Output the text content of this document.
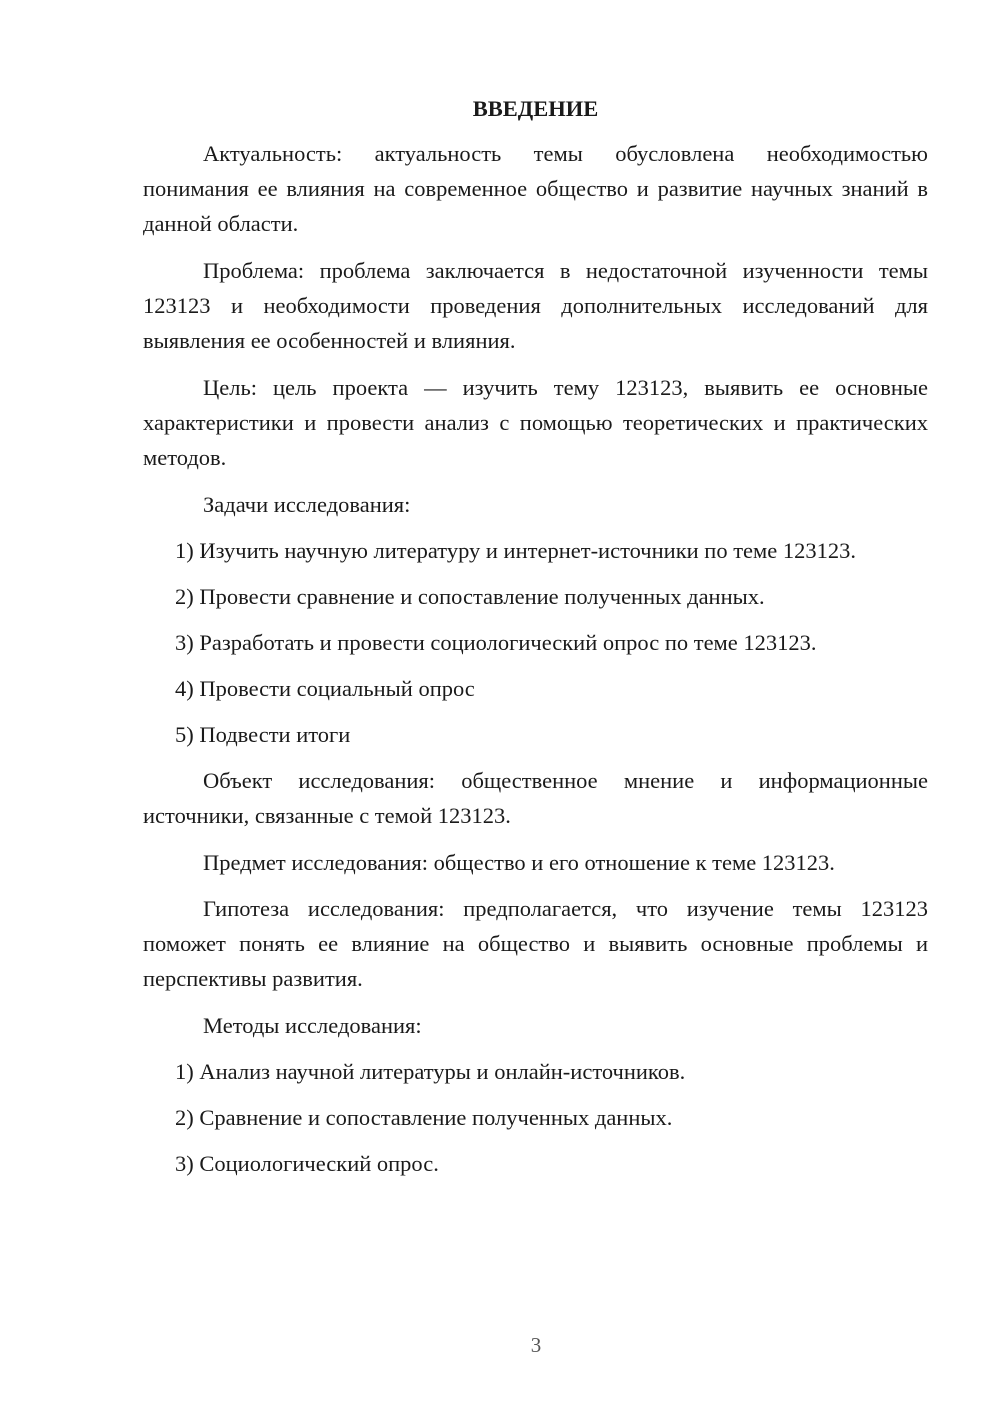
ВВЕДЕНИЕ

Актуальность: актуальность темы обусловлена необходимостью понимания ее влияния на современное общество и развитие научных знаний в данной области.

Проблема: проблема заключается в недостаточной изученности темы 123123 и необходимости проведения дополнительных исследований для выявления ее особенностей и влияния.

Цель: цель проекта — изучить тему 123123, выявить ее основные характеристики и провести анализ с помощью теоретических и практических методов.

Задачи исследования:

1) Изучить научную литературу и интернет-источники по теме 123123.

2) Провести сравнение и сопоставление полученных данных.

3) Разработать и провести социологический опрос по теме 123123.

4) Провести социальный опрос

5) Подвести итоги

Объект исследования: общественное мнение и информационные источники, связанные с темой 123123.

Предмет исследования: общество и его отношение к теме 123123.

Гипотеза исследования: предполагается, что изучение темы 123123 поможет понять ее влияние на общество и выявить основные проблемы и перспективы развития.

Методы исследования:

1) Анализ научной литературы и онлайн-источников.

2) Сравнение и сопоставление полученных данных.

3) Социологический опрос.

3
